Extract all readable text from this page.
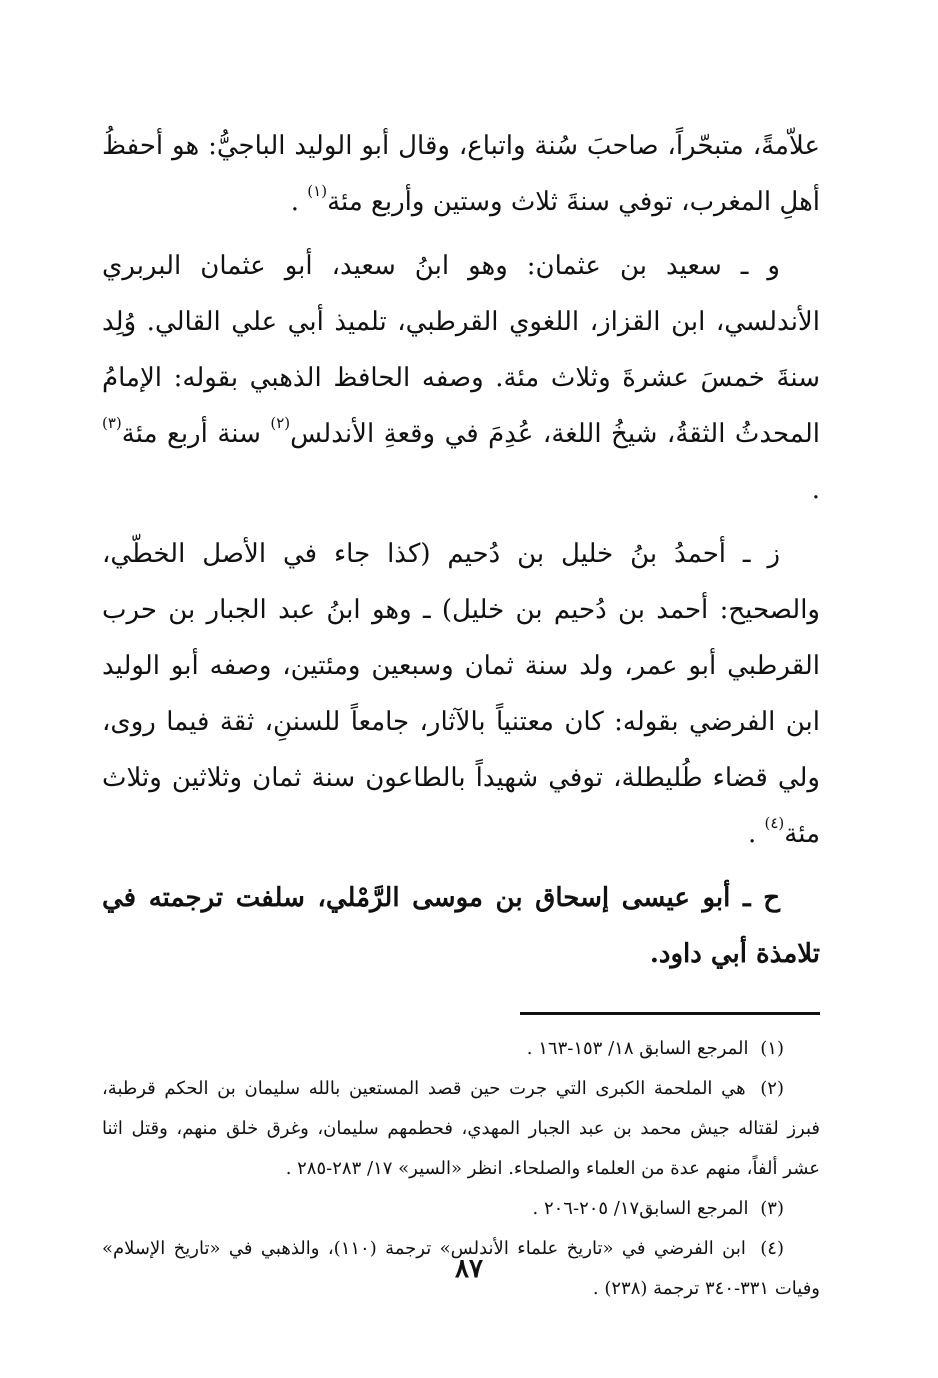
علاّمةً، متبحّراً، صاحبَ سُنة واتباع، وقال أبو الوليد الباجيُّ: هو أحفظُ أهلِ المغرب، توفي سنةَ ثلاث وستين وأربع مئة$^{(١)}$ .

و ـ سعيد بن عثمان: وهو ابنُ سعيد، أبو عثمان البربري الأندلسي، ابن القزاز، اللغوي القرطبي، تلميذ أبي علي القالي. وُلِد سنةَ خمسَ عشرةَ وثلاث مئة. وصفه الحافظ الذهبي بقوله: الإمامُ المحدثُ الثقةُ، شيخُ اللغة، عُدِمَ في وقعةِ الأندلس$^{(٢)}$ سنة أربع مئة$^{(٣)}$ .

ز ـ أحمدُ بنُ خليل بن دُحيم (كذا جاء في الأصل الخطّي، والصحيح: أحمد بن دُحيم بن خليل) ـ وهو ابنُ عبد الجبار بن حرب القرطبي أبو عمر، ولد سنة ثمان وسبعين ومئتين، وصفه أبو الوليد ابن الفرضي بقوله: كان معتنياً بالآثار، جامعاً للسننِ، ثقة فيما روى، ولي قضاء طُليطلة، توفي شهيداً بالطاعون سنة ثمان وثلاثين وثلاث مئة$^{(٤)}$ .

ح ـ أبو عيسى إسحاق بن موسى الرَّمْلي، سلفت ترجمته في تلامذة أبي داود.

(١) المرجع السابق ١٨/ ١٥٣-١٦٣ .

(٢) هي الملحمة الكبرى التي جرت حين قصد المستعين بالله سليمان بن الحكم قرطبة، فبرز لقتاله جيش محمد بن عبد الجبار المهدي، فحطمهم سليمان، وغرق خلق منهم، وقتل اثنا عشر ألفاً، منهم عدة من العلماء والصلحاء. انظر «السير» ١٧/ ٢٨٣-٢٨٥ .

(٣) المرجع السابق١٧/ ٢٠٥-٢٠٦ .

(٤) ابن الفرضي في «تاريخ علماء الأندلس» ترجمة (١١٠)، والذهبي في «تاريخ الإسلام» وفيات ٣٣١-٣٤٠ ترجمة (٢٣٨) .

٨٧
